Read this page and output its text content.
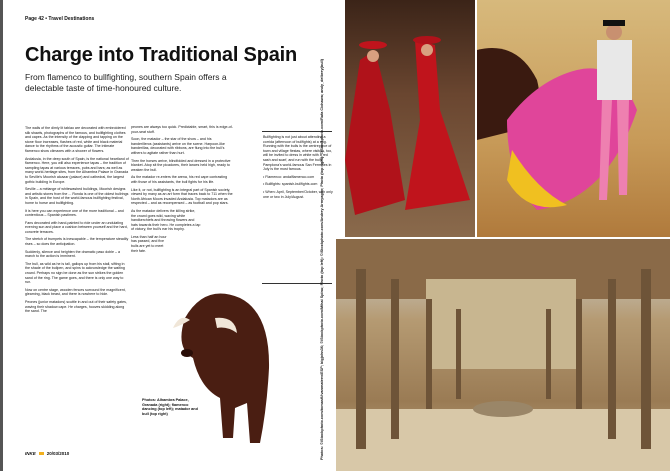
Page 42 • Travel Destinations
Charge into Traditional Spain
From flamenco to bullfighting, southern Spain offers a delectable taste of time-honoured culture.

The walls of the dimly lit tablao are decorated with embroidered silk shawls, photographs of the famous, and bullfighting clothes and capes. As the intensity of the clapping and tapping on the stone floor increases, flashes of red, white and black material dance to the rhythms of the acoustic guitar. The intimate flamenco show climaxes with a shower of flowers.

Andalusia, in the deep south of Spain, is the national heartland of flamenco. Here, you will also experience tapas – the tradition of sampling tapas at various terraces, pubs and bars; as well as many world-heritage sites, from the Alhambra Palace in Granada to Seville's Moorish alcazar (palace) and cathedral, the largest gothic building in Europe.

Seville – a mélange of whitewashed buildings, Moorish designs and artistic stores from the ... Ronda is one of the oldest bullrings in Spain, and the host of the world-famous bullfighting festival, home to horse and bullfighting.

It is here you can experience one of the more traditional – and contentious – Spanish pastimes.

Fans decorated with hand-painted to ride under an undulating evening sun and place a cushion between yourself and the hard, concrete terraces.

The stretch of trumpets is inescapable – the temperature steadily rises – so does the anticipation.

Suddenly, silence and heighten the dramatic paso doble – a march to the action is imminent.

The bull, as wild as he is tall, gallops up from his stall, sifting in the shade of the bullpen, and spins to acknowledge the waiting crowd. Perhaps no sign be done as the sun strikes the golden sand of the ring. The game goes, and there is only one way to run.

Now on centre stage, wooden fences surround the magnificent, gleaming, black beast, and there is nowhere to hide.

Peones (junior matadors) scuttle in and out of their safety gates, waving their shadow cape. He charges, hooves skidding along the sand. The

peones are always too quick. Predictable, smart, this is edge-of-your-seat stuff.

Soon, the matador – the star of the show – and his banderilleros (assistants) arrive on the scene. Harpoon-like banderillas, decorated with ribbons, are flung into the bull's withers to agitate rather than hurt.

Then the horses arrive, blindfolded and dressed in a protective blanket. Atop sit the picadores, their lances held high, ready to weaken the bull.

As the matador re-enters the arena, his red cape contrasting with those of his assistants, the bull fights for his life.

Like it, or not, bullfighting is an integral part of Spanish society, viewed by many as an art form that traces back to 711 when the North African Moors invaded Andalusia. Top matadors are as respected – and as recompensed – as football and pop stars.

As the matador delivers the killing strike, the crowd goes wild, waving white handkerchiefs and throwing flowers and hats towards their hero. He completes a lap of victory, the bull's ear his trophy.

Less than half an hour has passed, and five bulls are yet to meet their fate.

Bullfighting is not just about attending a corrida (afternoon of bullfights) at a ring. Running with the bulls is the centrepiece of town and village fiestas, where visitors, too, will be invited to dress in white with a red sash and scarf, and run with the bulls. Pamplona's world-famous San Fermines in July is the most famous.

• Flamenco: andalflamenco.com

• Bullfights: spanish-bullfights.com

• When: April, September/October, with only one or two in July/August.

Photos: Alhambra Palace, Granada (right); flamenco dancing (top left); matador and bull (top right)
INKE 20/03/2010	Photos: ©iStockphoto.com/tomasfl/ivanmateev/ESP; bigjohn36; ©iStockphoto.com/Mihai Spinu; Photo (top left): ©iStockphoto.com/Andrey Armyagov; Photo (top right): ©iStockphoto.com/Rafa Cichawa; andy_delbrey(bull)
